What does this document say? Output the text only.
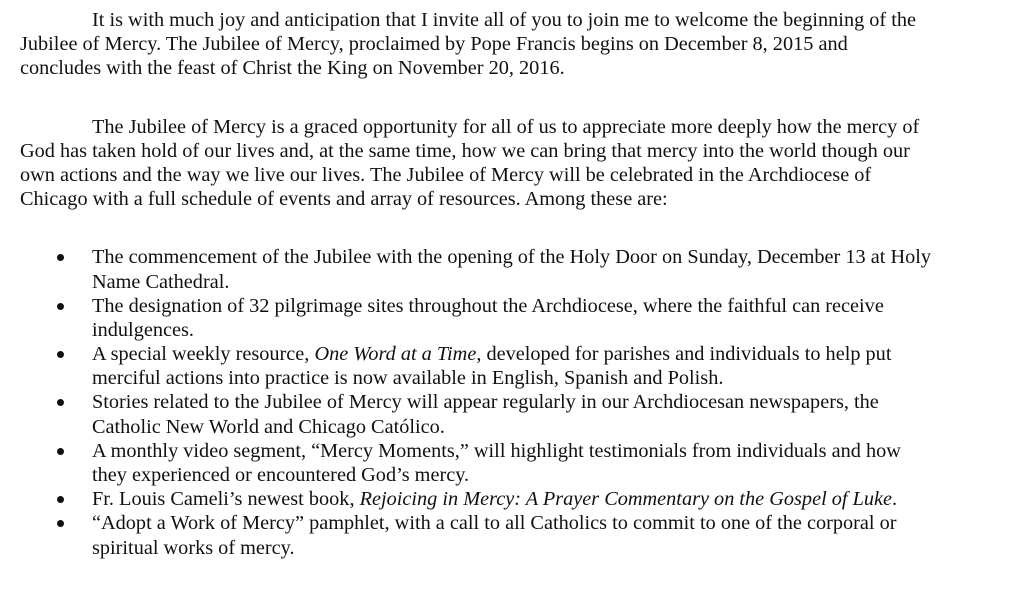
It is with much joy and anticipation that I invite all of you to join me to welcome the beginning of the
Jubilee of Mercy. The Jubilee of Mercy, proclaimed by Pope Francis begins on December 8, 2015 and
concludes with the feast of Christ the King on November 20, 2016.
The Jubilee of Mercy is a graced opportunity for all of us to appreciate more deeply how the mercy of
God has taken hold of our lives and, at the same time, how we can bring that mercy into the world though our
own actions and the way we live our lives. The Jubilee of Mercy will be celebrated in the Archdiocese of
Chicago with a full schedule of events and array of resources. Among these are:
The commencement of the Jubilee with the opening of the Holy Door on Sunday, December 13 at Holy
Name Cathedral.
The designation of 32 pilgrimage sites throughout the Archdiocese, where the faithful can receive
indulgences.
A special weekly resource, One Word at a Time, developed for parishes and individuals to help put
merciful actions into practice is now available in English, Spanish and Polish.
Stories related to the Jubilee of Mercy will appear regularly in our Archdiocesan newspapers, the
Catholic New World and Chicago Católico.
A monthly video segment, “Mercy Moments,” will highlight testimonials from individuals and how
they experienced or encountered God’s mercy.
Fr. Louis Cameli’s newest book, Rejoicing in Mercy: A Prayer Commentary on the Gospel of Luke.
“Adopt a Work of Mercy” pamphlet, with a call to all Catholics to commit to one of the corporal or
spiritual works of mercy.
